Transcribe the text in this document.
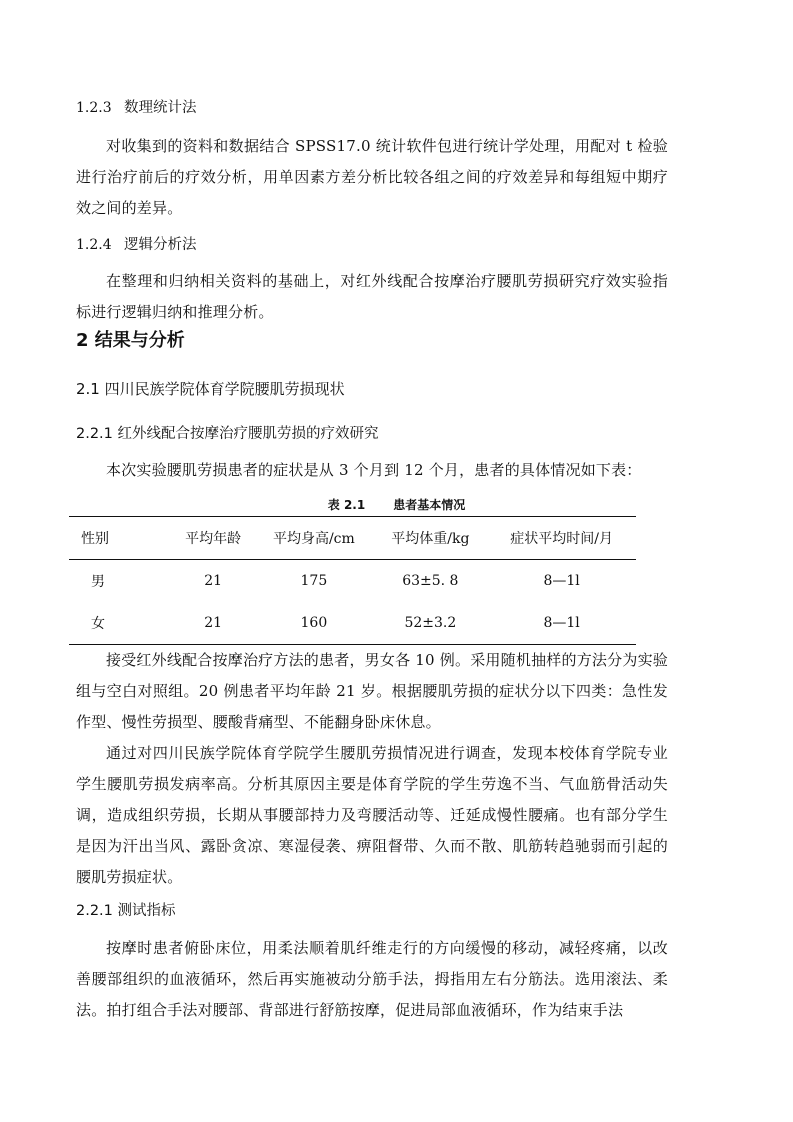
1.2.3 数理统计法

对收集到的资料和数据结合 SPSS17.0 统计软件包进行统计学处理，用配对 t 检验进行治疗前后的疗效分析，用单因素方差分析比较各组之间的疗效差异和每组短中期疗效之间的差异。

1.2.4 逻辑分析法

在整理和归纳相关资料的基础上，对红外线配合按摩治疗腰肌劳损研究疗效实验指标进行逻辑归纳和推理分析。

2 结果与分析
2.1 四川民族学院体育学院腰肌劳损现状
2.2.1 红外线配合按摩治疗腰肌劳损的疗效研究

本次实验腰肌劳损患者的症状是从 3 个月到 12 个月，患者的具体情况如下表：

表 2.1 患者基本情况
性别	平均年龄	平均身高/cm	平均体重/kg	症状平均时间/月
男	21	175	63±5. 8	8—1l
女	21	160	52±3.2	8—1l

接受红外线配合按摩治疗方法的患者，男女各 10 例。采用随机抽样的方法分为实验组与空白对照组。20 例患者平均年龄 21 岁。根据腰肌劳损的症状分以下四类：急性发作型、慢性劳损型、腰酸背痛型、不能翻身卧床休息。

通过对四川民族学院体育学院学生腰肌劳损情况进行调查，发现本校体育学院专业学生腰肌劳损发病率高。分析其原因主要是体育学院的学生劳逸不当、气血筋骨活动失调，造成组织劳损，长期从事腰部持力及弯腰活动等、迁延成慢性腰痛。也有部分学生是因为汗出当风、露卧贪凉、寒湿侵袭、痹阻督带、久而不散、肌筋转趋驰弱而引起的腰肌劳损症状。

2.2.1 测试指标

按摩时患者俯卧床位，用柔法顺着肌纤维走行的方向缓慢的移动，减轻疼痛，以改善腰部组织的血液循环，然后再实施被动分筋手法，拇指用左右分筋法。选用滚法、柔法。拍打组合手法对腰部、背部进行舒筋按摩，促进局部血液循环，作为结束手法
